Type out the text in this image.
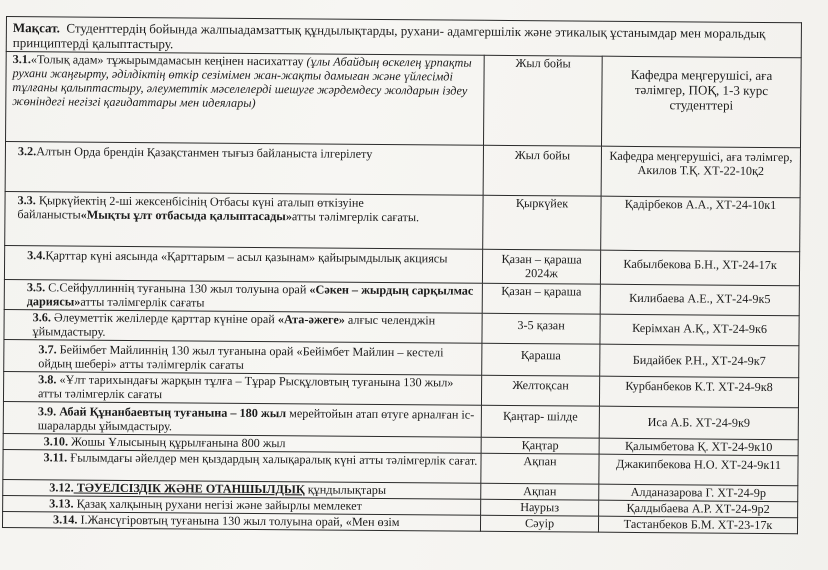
Мақсат. Студенттердің бойында жалпыадамзаттық құндылықтарды, рухани- адамгершілік және этикалық ұстанымдар мен моральдық принциптерді қалыптастыру.		
3.1.«Толық адам» тұжырымдамасын кеңінен насихаттау (ұлы Абайдың өскелең ұрпақты рухани жаңғырту, әділдіктің өткір сезімімен жан-жақты дамыған және үйлесімді тұлғаны қалыптастыру, әлеуметтік мәселелерді шешуге жәрдемдесу жолдарын іздеу жөніндегі негізгі қағидаттары мен идеялары)	Жыл бойы	Кафедра меңгерушісі, аға тәлімгер, ПОҚ, 1-3 курс студенттері
3.2.Алтын Орда брендін Қазақстанмен тығыз байланыста ілгерілету	Жыл бойы	Кафедра меңгерушісі, аға тәлімгер,
Акилов Т.Қ. ХТ-22-10қ2

3.3. Қыркүйектің 2-ші жексенбісінің Отбасы күні аталып өткізуіне байланысты«Мықты ұлт отбасыда қалыптасады»атты тәлімгерлік сағаты.	Қыркүйек	Қадірбеков А.А., ХТ-24-10к1
3.4.Қарттар күні аясында «Қарттарым – асыл қазынам» қайырымдылық акциясы	Қазан – қараша 2024ж	Кабылбекова Б.Н., ХТ-24-17к
3.5. С.Сейфуллиннің туғанына 130 жыл толуына орай «Сәкен – жырдың сарқылмас дариясы»атты тәлімгерлік сағаты	Қазан – қараша	Килибаева А.Е., ХТ-24-9к5
3.6. Әлеуметтік желілерде қарттар күніне орай «Ата-әжеге» алғыс челенджін ұйымдастыру.	3-5 қазан	Керімхан А.Қ., ХТ-24-9к6
3.7. Бейімбет Майлиннің 130 жыл туғанына орай «Бейімбет Майлин – кестелі ойдың шебері» атты тәлімгерлік сағаты	Қараша	Бидайбек Р.Н., ХТ-24-9к7
3.8. «Ұлт тарихындағы жарқын тұлға – Тұрар Рысқұловтың туғанына 130 жыл» атты тәлімгерлік сағаты	Желтоқсан	Курбанбеков К.Т. ХТ-24-9к8
3.9. Абай Құнанбаевтың туғанына – 180 жыл мерейтойын атап өтуге арналған іс-шараларды ұйымдастыру.	Қаңтар- шілде	Иса А.Б. ХТ-24-9к9
3.10. Жошы Ұлысының құрылғанына 800 жыл	Қаңтар	Қалымбетова Қ. ХТ-24-9к10
3.11. Ғылымдағы әйелдер мен қыздардың халықаралық күні атты тәлімгерлік сағат.	Ақпан	Джакипбекова Н.О. ХТ-24-9к11
3.12. ТӘУЕЛСІЗДІК ЖӘНЕ ОТАНШЫЛДЫҚ құндылықтары	Ақпан	Алданазарова Г. ХТ-24-9р
3.13. Қазақ халқының рухани негізі және зайырлы мемлекет	Наурыз	Қалдыбаева А.Р. ХТ-24-9р2
3.14. І.Жансүгіровтың туғанына 130 жыл толуына орай, «Мен өзім	Сәуір	Тастанбеков Б.М. ХТ-23-17к
